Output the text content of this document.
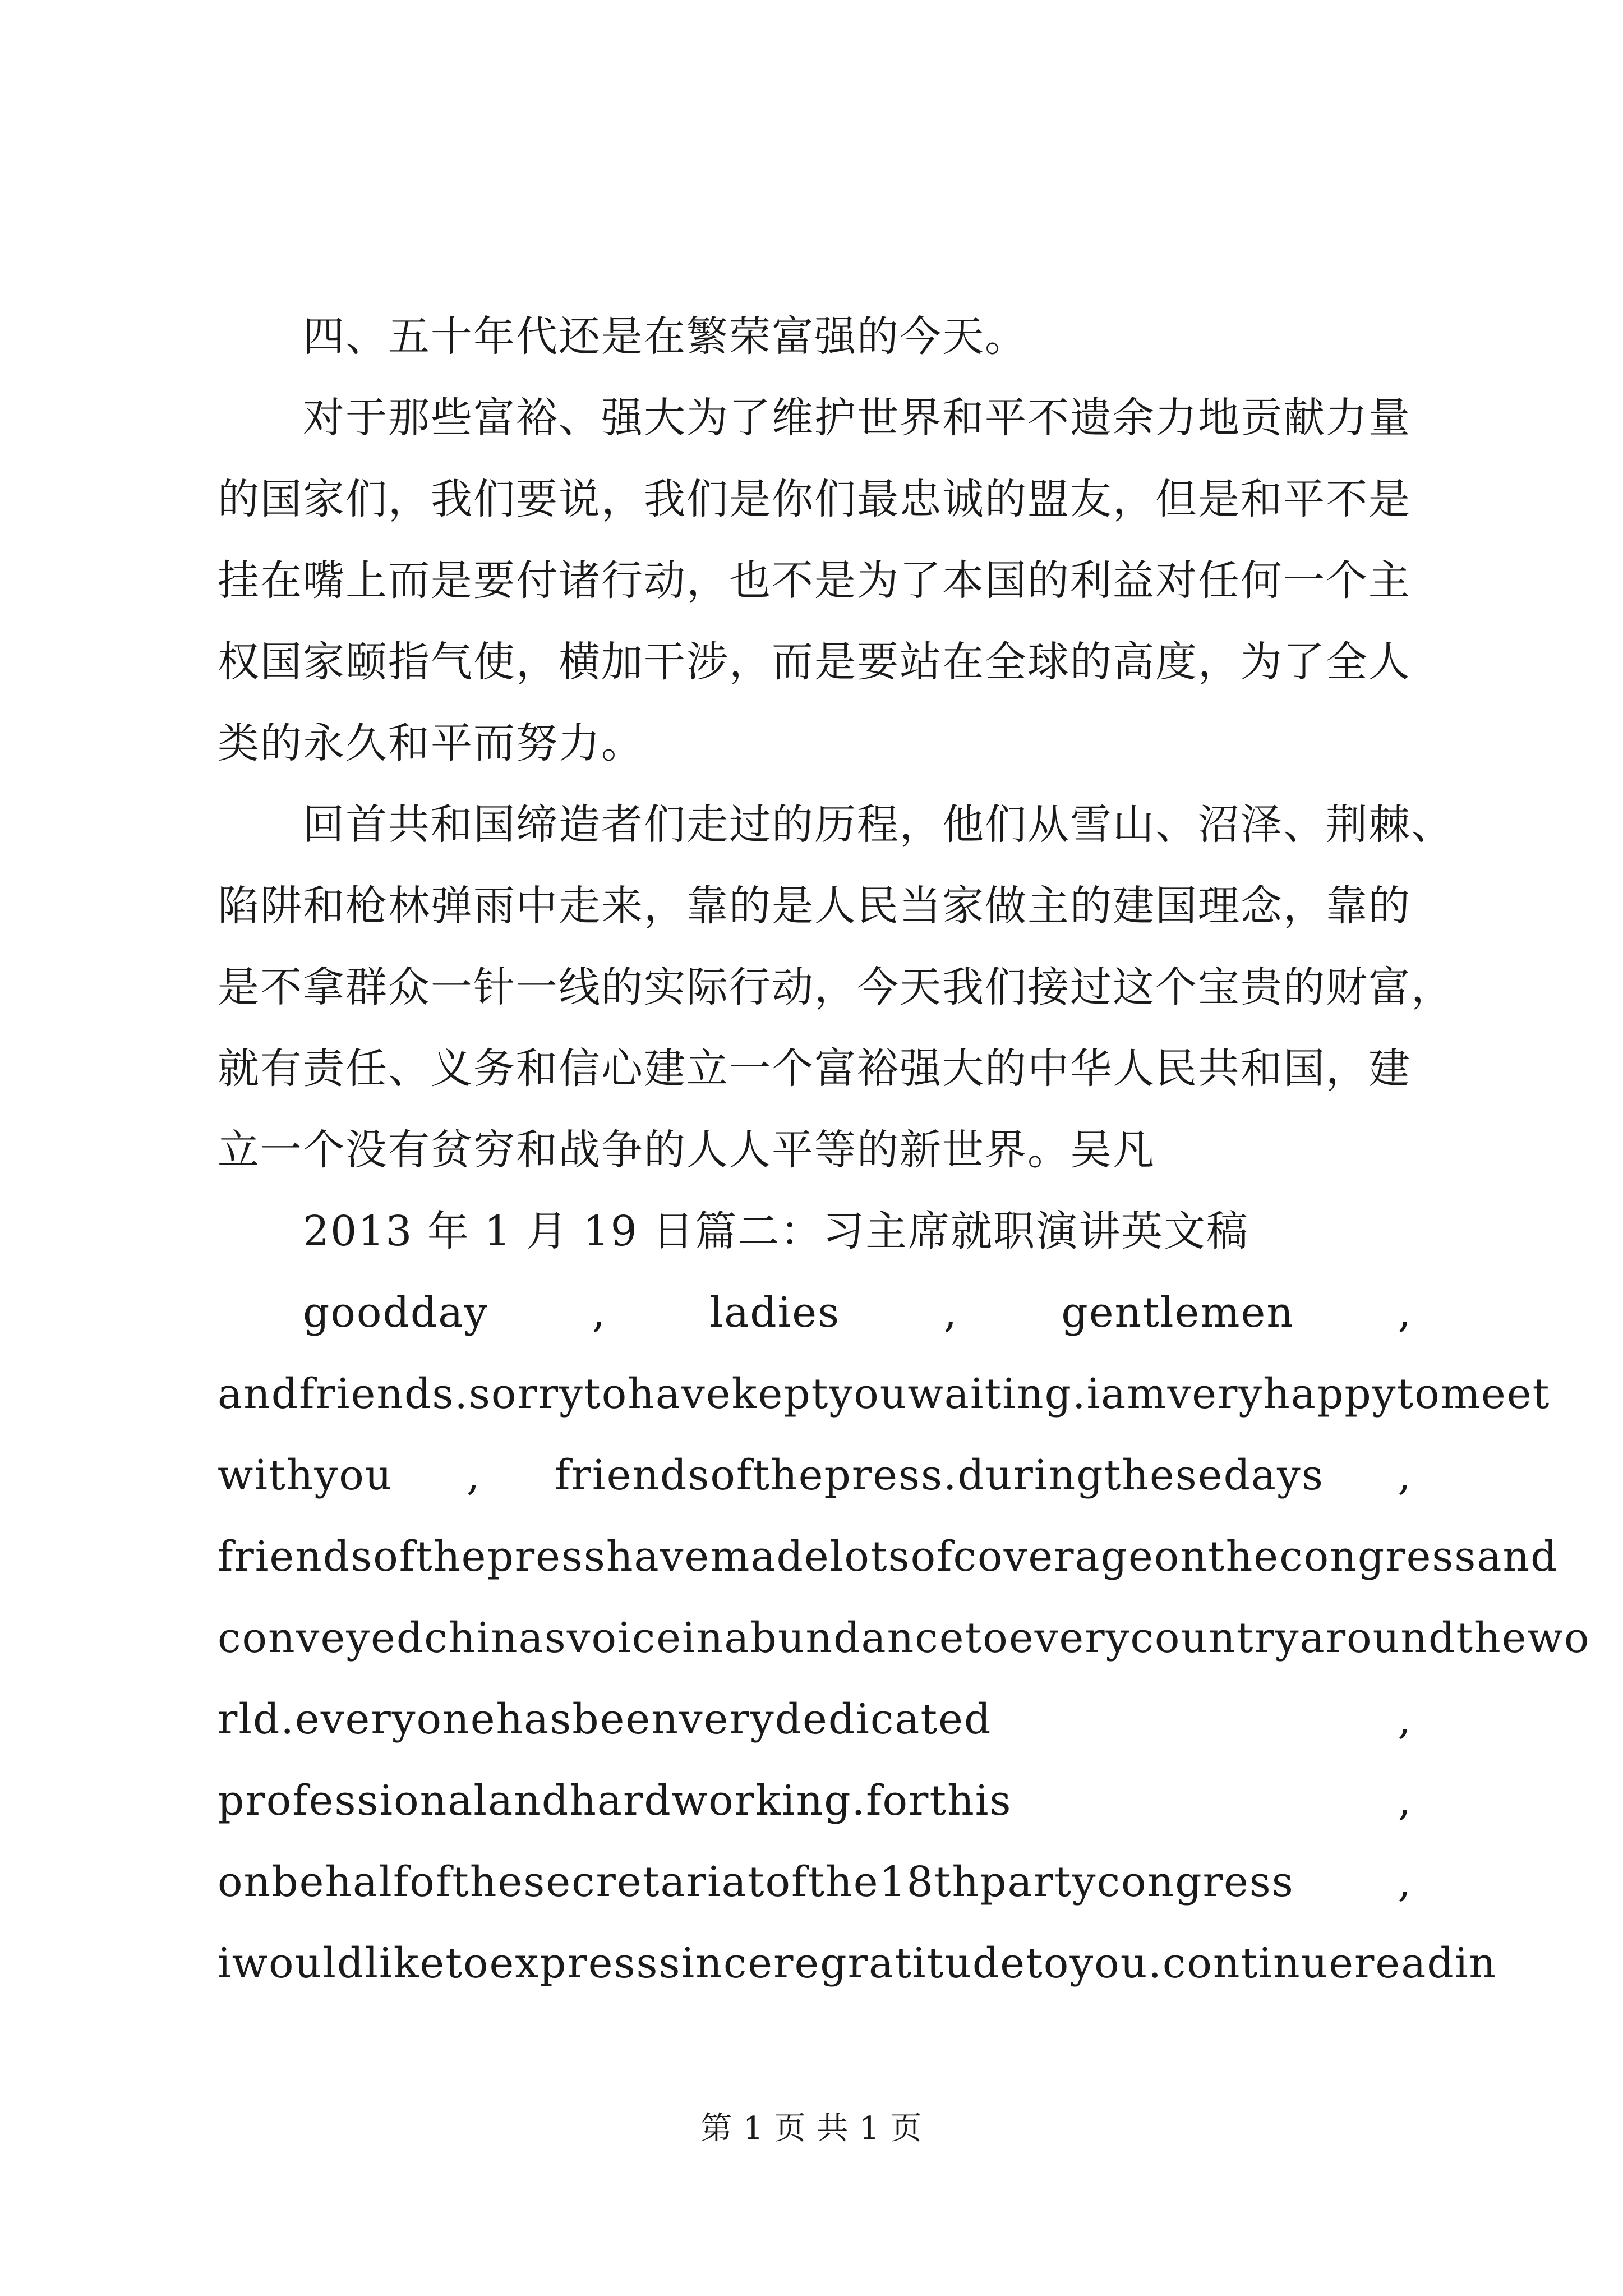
四、五十年代还是在繁荣富强的今天。
对于那些富裕、强大为了维护世界和平不遗余力地贡献力量
的国家们，我们要说，我们是你们最忠诚的盟友，但是和平不是
挂在嘴上而是要付诸行动，也不是为了本国的利益对任何一个主
权国家颐指气使，横加干涉，而是要站在全球的高度，为了全人
类的永久和平而努力。
回首共和国缔造者们走过的历程，他们从雪山、沼泽、荆棘、
陷阱和枪林弹雨中走来，靠的是人民当家做主的建国理念，靠的
是不拿群众一针一线的实际行动，今天我们接过这个宝贵的财富，
就有责任、义务和信心建立一个富裕强大的中华人民共和国，建
立一个没有贫穷和战争的人人平等的新世界。吴凡
2013 年 1 月 19 日篇二：习主席就职演讲英文稿
goodday , ladies , gentlemen ,
andfriends.sorrytohavekeptyouwaiting.iamveryhappytomeet
withyou , friendsofthepress.duringthesedays ,
friendsofthepresshavemadelotsofcoverageonthecongressand
conveyedchinasvoiceinabundancetoeverycountryaroundthewo
rld.everyonehasbeenverydedicated	,
professionalandhardworking.forthis	,
onbehalfofthesecretariatofthe18thpartycongress ,
iwouldliketoexpresssinceregratitudetoyou.continuereadin
第 1 页 共 1 页
